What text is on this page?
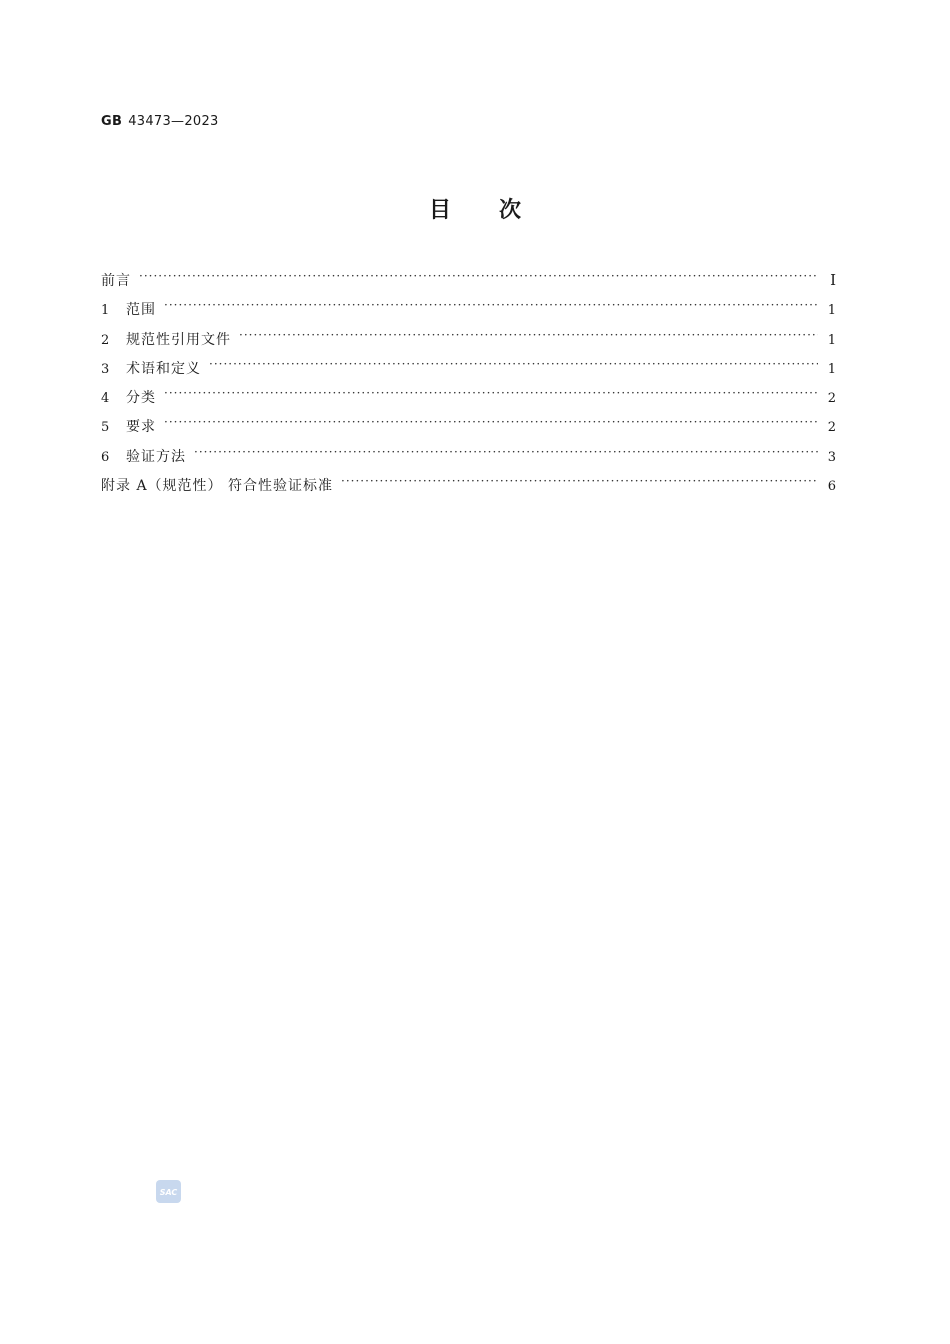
GB 43473—2023
目 次
前言 ·····	Ⅰ
1	范围 ·····	1
2	规范性引用文件 ·····	1
3	术语和定义 ·····	1
4	分类 ·····	2
5	要求 ·····	2
6	验证方法 ·····	3
附录 A（规范性） 符合性验证标准 ·····	6
SAC
